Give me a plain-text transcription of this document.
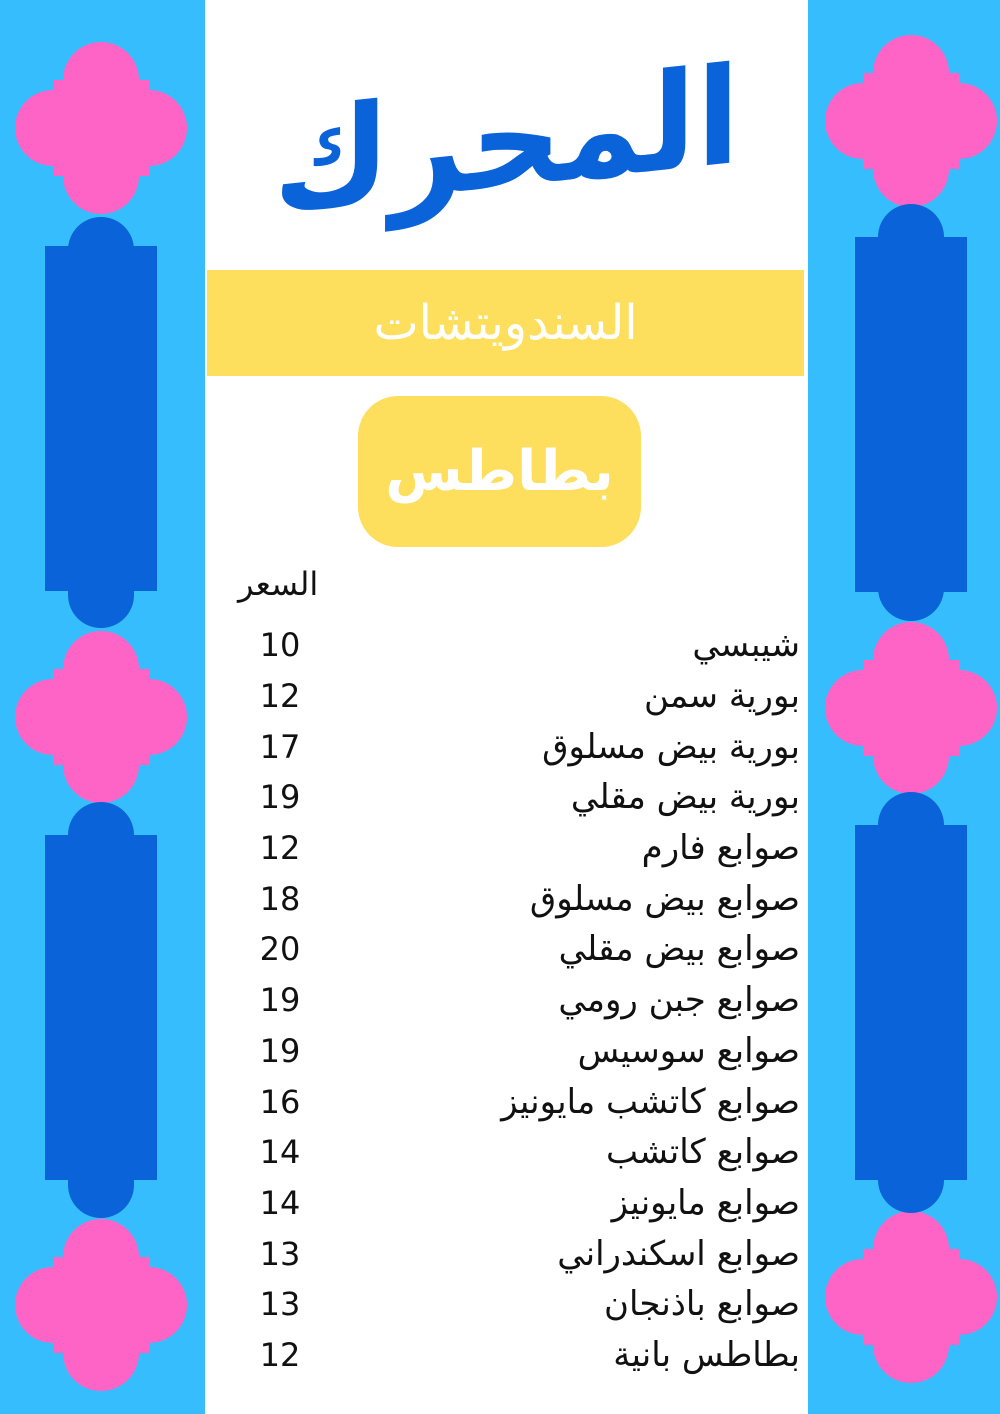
المحرك
السندويتشات
بطاطس
السعر
10	شيبسي
12	بورية سمن
17	بورية بيض مسلوق
19	بورية بيض مقلي
12	صوابع فارم
18	صوابع بيض مسلوق
20	صوابع بيض مقلي
19	صوابع جبن رومي
19	صوابع سوسيس
16	صوابع كاتشب مايونيز
14	صوابع كاتشب
14	صوابع مايونيز
13	صوابع اسكندراني
13	صوابع باذنجان
12	بطاطس بانية
